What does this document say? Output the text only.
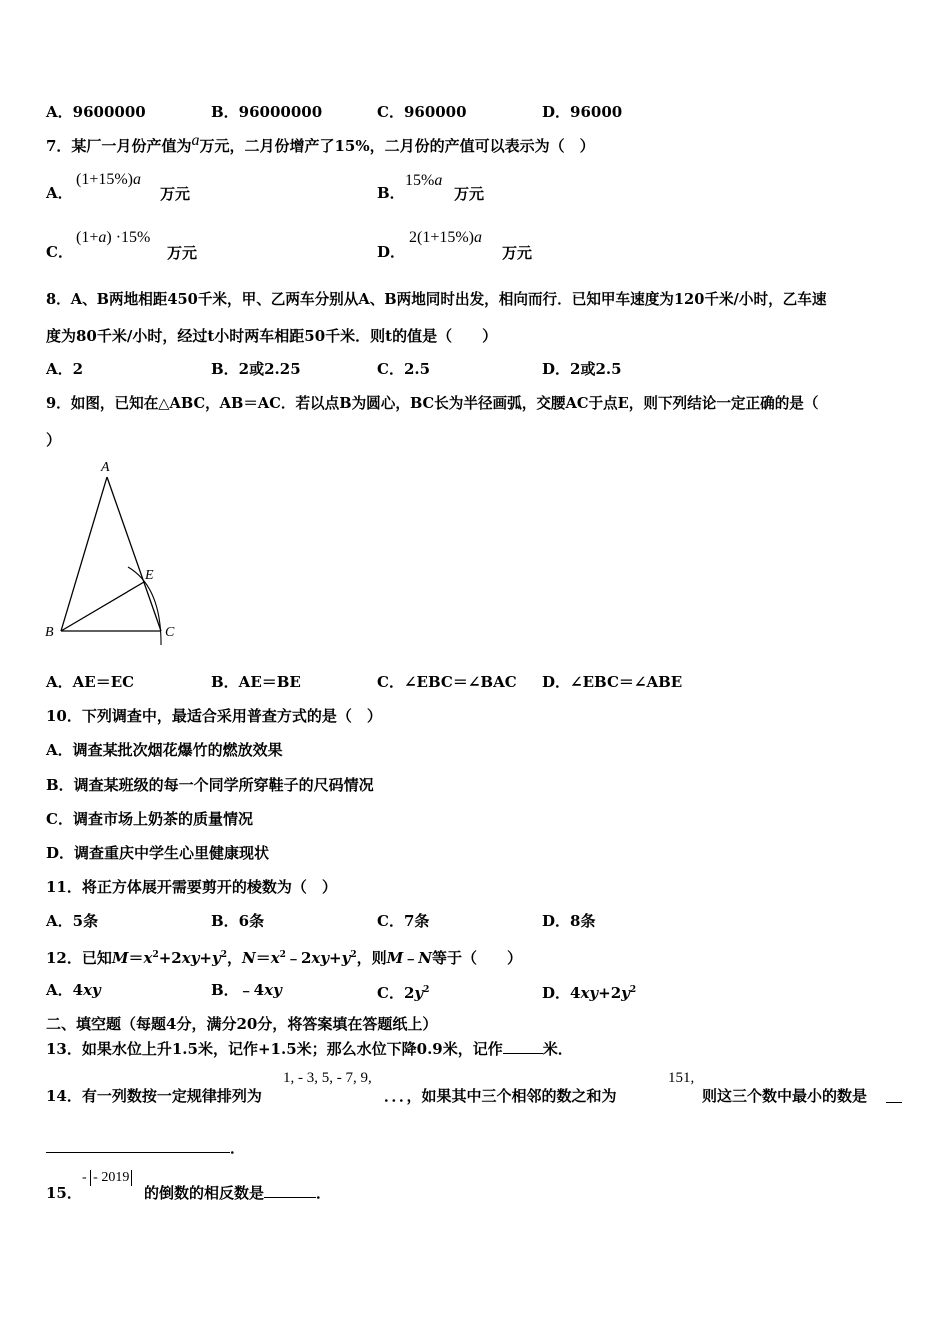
A．9600000	B．96000000	C．960000	D．96000
7．某厂一月份产值为a万元，二月份增产了15%，二月份的产值可以表示为（　）
A．
(1+15%)a
万元	B．
15%a
万元
C．
(1+a) ·15%
万元	D．
2(1+15%)a
万元
8．A、B两地相距450千米，甲、乙两车分别从A、B两地同时出发，相向而行．已知甲车速度为120千米/小时，乙车速
度为80千米/小时，经过t小时两车相距50千米．则t的值是（　　）
A．2	B．2或2.25	C．2.5	D．2或2.5
9．如图，已知在△ABC，AB＝AC．若以点B为圆心，BC长为半径画弧，交腰AC于点E，则下列结论一定正确的是（
）
A
E
B	C
A．AE＝EC	B．AE＝BE	C．∠EBC＝∠BAC D．∠EBC＝∠ABE
10．下列调查中，最适合采用普查方式的是（　）
A．调查某批次烟花爆竹的燃放效果
B．调查某班级的每一个同学所穿鞋子的尺码情况
C．调查市场上奶茶的质量情况
D．调查重庆中学生心里健康现状
11．将正方体展开需要剪开的棱数为（　）
A．5条	B．6条	C．7条	D．8条
12．已知$M=x^2+2xy+y^2$，$N=x^2﹣2xy+y^2$，则M﹣N等于（　　）
A．4xy	B．﹣4xy	C．$2y^2$	D．$4xy+2y^2$
二、填空题（每题4分，满分20分，将答案填在答题纸上）
13．如果水位上升1.5米，记作+1.5米；那么水位下降0.9米，记作	米．
14．有一列数按一定规律排列为
1, - 3, 5, - 7, 9,
．．．，如果其中三个相邻的数之和为
151,
则这三个数中最小的数是
．
15．
- - 2019
的倒数的相反数是	．
